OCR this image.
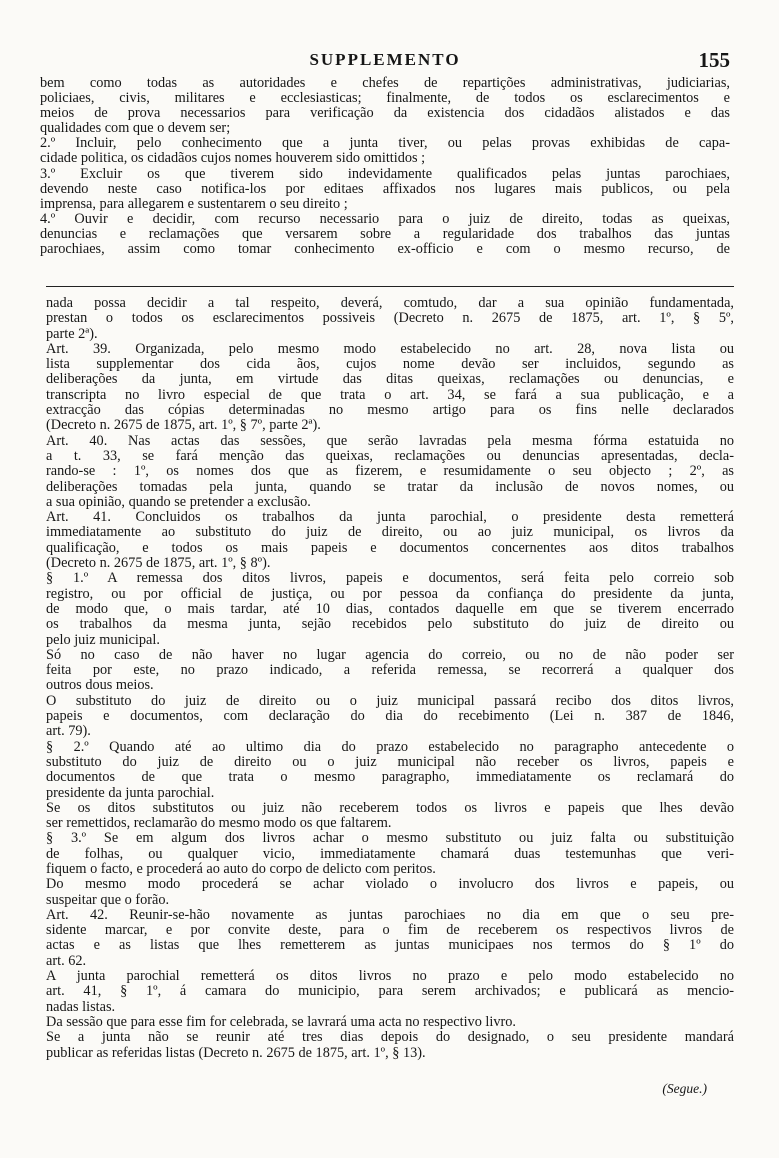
SUPPLEMENTO	155
bem como todas as autoridades e chefes de repartições administrativas, judiciarias,
policiaes, civis, militares e ecclesiasticas; finalmente, de todos os esclarecimentos e
meios de prova necessarios para verificação da existencia dos cidadãos alistados e das
qualidades com que o devem ser;
2.º Incluir, pelo conhecimento que a junta tiver, ou pelas provas exhibidas de capa-
cidade politica, os cidadãos cujos nomes houverem sido omittidos ;
3.º Excluir os que tiverem sido indevidamente qualificados pelas juntas parochiaes,
devendo neste caso notifica-los por editaes affixados nos lugares mais publicos, ou pela
imprensa, para allegarem e sustentarem o seu direito ;
4.º Ouvir e decidir, com recurso necessario para o juiz de direito, todas as queixas,
denuncias e reclamações que versarem sobre a regularidade dos trabalhos das juntas
parochiaes, assim como tomar conhecimento ex-officio e com o mesmo recurso, de
nada possa decidir a tal respeito, deverá, comtudo, dar a sua opinião fundamentada,
prestan o todos os esclarecimentos possiveis (Decreto n. 2675 de 1875, art. 1º, § 5º,
parte 2ª).
Art. 39. Organizada, pelo mesmo modo estabelecido no art. 28, nova lista ou
lista supplementar dos cida ãos, cujos nome devão ser incluidos, segundo as
deliberações da junta, em virtude das ditas queixas, reclamações ou denuncias, e
transcripta no livro especial de que trata o art. 34, se fará a sua publicação, e a
extracção das cópias determinadas no mesmo artigo para os fins nelle declarados
(Decreto n. 2675 de 1875, art. 1º, § 7º, parte 2ª).
Art. 40. Nas actas das sessões, que serão lavradas pela mesma fórma estatuida no
a t. 33, se fará menção das queixas, reclamações ou denuncias apresentadas, decla-
rando-se : 1º, os nomes dos que as fizerem, e resumidamente o seu objecto ; 2º, as
deliberações tomadas pela junta, quando se tratar da inclusão de novos nomes, ou
a sua opinião, quando se pretender a exclusão.
Art. 41. Concluidos os trabalhos da junta parochial, o presidente desta remetterá
immediatamente ao substituto do juiz de direito, ou ao juiz municipal, os livros da
qualificação, e todos os mais papeis e documentos concernentes aos ditos trabalhos
(Decreto n. 2675 de 1875, art. 1º, § 8º).
§ 1.º A remessa dos ditos livros, papeis e documentos, será feita pelo correio sob
registro, ou por official de justiça, ou por pessoa da confiança do presidente da junta,
de modo que, o mais tardar, até 10 dias, contados daquelle em que se tiverem encerrado
os trabalhos da mesma junta, sejão recebidos pelo substituto do juiz de direito ou
pelo juiz municipal.
Só no caso de não haver no lugar agencia do correio, ou no de não poder ser
feita por este, no prazo indicado, a referida remessa, se recorrerá a qualquer dos
outros dous meios.
O substituto do juiz de direito ou o juiz municipal passará recibo dos ditos livros,
papeis e documentos, com declaração do dia do recebimento (Lei n. 387 de 1846,
art. 79).
§ 2.º Quando até ao ultimo dia do prazo estabelecido no paragrapho antecedente o
substituto do juiz de direito ou o juiz municipal não receber os livros, papeis e
documentos de que trata o mesmo paragrapho, immediatamente os reclamará do
presidente da junta parochial.
Se os ditos substitutos ou juiz não receberem todos os livros e papeis que lhes devão
ser remettidos, reclamarão do mesmo modo os que faltarem.
§ 3.º Se em algum dos livros achar o mesmo substituto ou juiz falta ou substituição
de folhas, ou qualquer vicio, immediatamente chamará duas testemunhas que veri-
fiquem o facto, e procederá ao auto do corpo de delicto com peritos.
Do mesmo modo procederá se achar violado o involucro dos livros e papeis, ou
suspeitar que o forão.
Art. 42. Reunir-se-hão novamente as juntas parochiaes no dia em que o seu pre-
sidente marcar, e por convite deste, para o fim de receberem os respectivos livros de
actas e as listas que lhes remetterem as juntas municipaes nos termos do § 1º do
art. 62.
A junta parochial remetterá os ditos livros no prazo e pelo modo estabelecido no
art. 41, § 1º, á camara do municipio, para serem archivados; e publicará as mencio-
nadas listas.
Da sessão que para esse fim for celebrada, se lavrará uma acta no respectivo livro.
Se a junta não se reunir até tres dias depois do designado, o seu presidente mandará
publicar as referidas listas (Decreto n. 2675 de 1875, art. 1º, § 13).
(Segue.)
